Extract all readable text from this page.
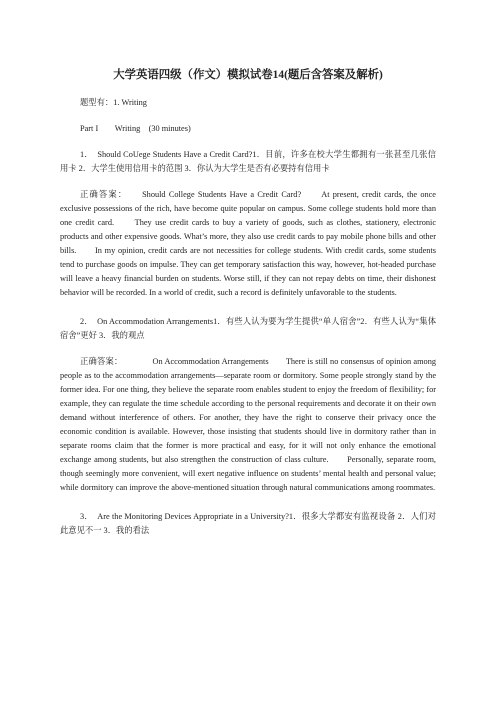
大学英语四级（作文）模拟试卷14(题后含答案及解析)

题型有：1. Writing

Part I　　Writing　(30 minutes)

1．　Should CoUege Students Have a Credit Card?1．目前，许多在校大学生都拥有一张甚至几张信用卡 2．大学生使用信用卡的范围 3．你认为大学生是否有必要持有信用卡

正确答案：　　Should College Students Have a Credit Card?　　At present, credit cards, the once exclusive possessions of the rich, have become quite popular on campus. Some college students hold more than one credit card.　　They use credit cards to buy a variety of goods, such as clothes, stationery, electronic products and other expensive goods. What’s more, they also use credit cards to pay mobile phone bills and other bills.　　In my opinion, credit cards are not necessities for college students. With credit cards, some students tend to purchase goods on impulse. They can get temporary satisfaction this way, however, hot-headed purchase will leave a heavy financial burden on students. Worse still, if they can not repay debts on time, their dishonest behavior will be recorded. In a world of credit, such a record is definitely unfavorable to the students.

2．　On Accommodation Arrangements1．有些人认为要为学生提供“单人宿舍”2．有些人认为“集体宿舍”更好 3．我的观点

正确答案：　　　　On Accommodation Arrangements　　There is still no consensus of opinion among people as to the accommodation arrangements—separate room or dormitory. Some people strongly stand by the former idea. For one thing, they believe the separate room enables student to enjoy the freedom of flexibility; for example, they can regulate the time schedule according to the personal requirements and decorate it on their own demand without interference of others. For another, they have the right to conserve their privacy once the economic condition is available. However, those insisting that students should live in dormitory rather than in separate rooms claim that the former is more practical and easy, for it will not only enhance the emotional exchange among students, but also strengthen the construction of class culture.　　Personally, separate room, though seemingly more convenient, will exert negative influence on students’ mental health and personal value; while dormitory can improve the above-mentioned situation through natural communications among roommates.

3．　Are the Monitoring Devices Appropriate in a University?1．很多大学都安有监视设备 2．人们对此意见不一 3．我的看法
